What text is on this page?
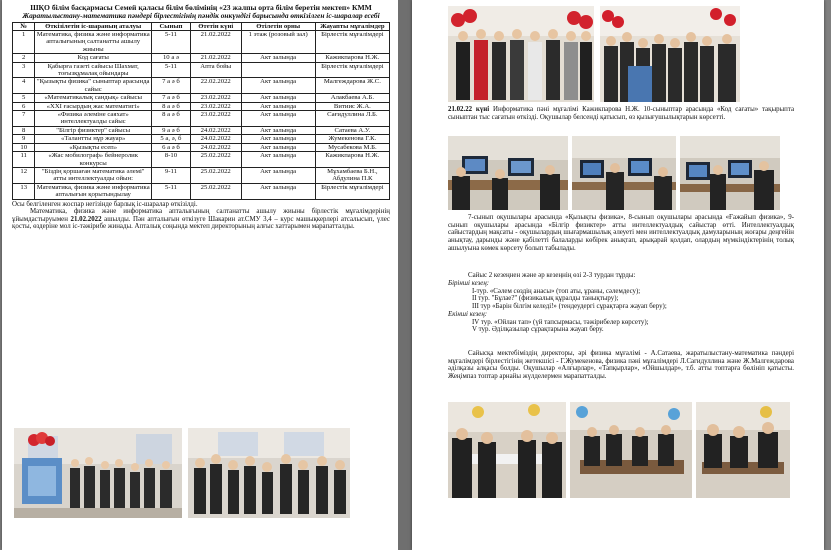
ШҚО білім басқармасы Семей қаласы білім бөлімінің «23 жалпы орта білім беретін мектеп» КММ
Жаратылыстану-математика пәндері бірлестігінің пәндік онкүндігі барысында өткізілген іс-шаралар есебі
№	Өткізілетін іс-шараның аталуы	Сынып	Өтетін күні	Өтілетін орны	Жауапты мұғалімдер
1	Математика, физика және информатика апталығының салтанатты ашылу жиыны	5-11	21.02.2022	1 этаж (розовый зал)	Бірлестік мұғалімдері
2	Код сағаты	10 а ә	21.02.2022	Акт залында	Кажикпарова Н.Ж.
3	Қабырға газеті сайысы Шахмат, тоғызқұмалақ ойындары	5-11	Апта бойы		Бірлестік мұғалімдері
4	"Қызықты физика" сыныптар арасында сайыс	7 а ә б	22.02.2022	Акт залында	Малгеждарова Ж.С.
5	«Математикалық сандық» сайысы	7 а ә б	23.02.2022	Акт залында	Алакбаева А.Б.
6	«XXI ғасырдың жас математигі»	8 а ә б	23.02.2022	Акт залында	Витиис Ж.А.
7	«Физика әлеміне саяхат» интеллектуалды сайыс	8 а ә б	23.02.2022	Акт залында	Сағидуллина Л.Б.
8	"Білгір физиктер" сайысы	9 а ә б	24.02.2022	Акт залында	Сатаева А.У.
9	«Талантты нұр жауар»	5 а, ә, б	24.02.2022	Акт залында	Жумекенова Г.К.
10	«Қызықты есеп»	6 а ә б	24.02.2022	Акт залында	Мусабекова М.Б.
11	«Жас мобилограф» бейнеролик конкурсы	8-10	25.02.2022	Акт залында	Кажикпарова Н.Ж.
12	"Біздің қоршаған математика әлемі" атты интеллектуалды ойын:	9-11	25.02.2022	Акт залында	Мұхамбаева Б.Н., Абдулина П.К
13	Математика, физика және информатика апталығын қорытындылау	5-11	25.02.2022	Акт залында	Бірлестік мұғалімдері
Осы белгіленген жоспар негізінде барлық іс-шаралар өткізілді.
Математика, физика және информатика апталығының салтанатты ашылу жиыны бірлестік мұғалімдерінің ұйымдастыруымен 21.02.2022 ашылды. Пән апталығын өткізуге Шакарин ат.СМУ 3,4 – курс машықкерлері атсалысып, үлес қосты, өздеріне мол іс-тәжірибе жинады. Апталық соңында мектеп директорының алғыс хаттарымен марапатталды.
21.02.22 күні Информатика пәні мұғалімі Кажикпарова Н.Ж. 10-сыныптар арасында «Код сағаты» тақырыпта сыныптан тыс сағатын өткізді. Оқушылар белсенді қатысып, өз қызығушылықтарын көрсетті.
7-сынып оқушылары арасында «Қызықты физика», 8-сынып оқушылары арасында «Ғажайып физика», 9-сынып оқушылары арасында «Білгір физиктер» атты интеллектуалдық сайыстар өтті. Интеллектуалдық сайыстардың мақсаты - оқушылардың шығармашылық әлеуеті мен интеллектуалдық дамуларының жоғары деңгейін анықтау, дарынды және қабілетті балаларды көбірек анықтап, арықарай қолдап, олардың мүмкіндіктерінің толық ашылуына көмек көрсету болып табылады.
Сайыс 2 кезеңнен және әр кезеңнің өзі 2-3 турдан тұрды:
Бірінші кезең:
I-тур. «Сәлем сөздің анасы» (топ аты, ұраны, сәлемдесу);
II тур. "Бұлае?" (физикалық құралды танықтыру);
III тур «Барін білгім келеді!» (тендеудергі сұрақтарға жауап беру);
Екінші кезең:
IV тур. «Ойлан тап» (үй тапсырмасы, тәжірибелер көрсету);
V тур. Әділқазылар сұрақтарына жауап беру.
Сайысқа мектебіміздің директоры, әрі физика мұғалімі - А.Сатаева, жаратылыстану-математика пәндері мұғалімдері бірлестігінің жетекшісі - Г.Жумекенова, физика пәні мұғалімдері Л.Сагидуллина және Ж.Малгеждарова әділқазы алқасы болды. Оқушылар «Алғырлар», «Тапқырлар», «Ойшылдар», т.б. атты топтарға бөлініп қатысты. Жеңімпаз топтар арнайы жүлделермен марапатталды.
